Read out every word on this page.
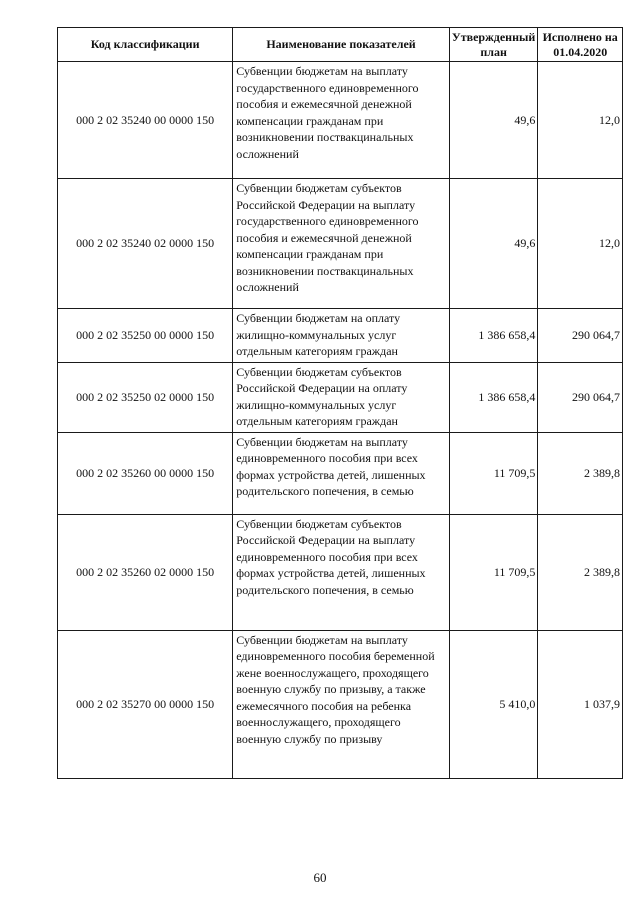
Код классификации	Наименование показателей	Утвержденный план	Исполнено на 01.04.2020
000 2 02 35240 00 0000 150	Субвенции бюджетам на выплату государственного единовременного пособия и ежемесячной денежной компенсации гражданам при возникновении поствакцинальных осложнений	49,6	12,0
000 2 02 35240 02 0000 150	Субвенции бюджетам субъектов Российской Федерации на выплату государственного единовременного пособия и ежемесячной денежной компенсации гражданам при возникновении поствакцинальных осложнений	49,6	12,0
000 2 02 35250 00 0000 150	Субвенции бюджетам на оплату жилищно-коммунальных услуг отдельным категориям граждан	1 386 658,4	290 064,7
000 2 02 35250 02 0000 150	Субвенции бюджетам субъектов Российской Федерации на оплату жилищно-коммунальных услуг отдельным категориям граждан	1 386 658,4	290 064,7
000 2 02 35260 00 0000 150	Субвенции бюджетам на выплату единовременного пособия при всех формах устройства детей, лишенных родительского попечения, в семью	11 709,5	2 389,8
000 2 02 35260 02 0000 150	Субвенции бюджетам субъектов Российской Федерации на выплату единовременного пособия при всех формах устройства детей, лишенных родительского попечения, в семью	11 709,5	2 389,8
000 2 02 35270 00 0000 150	Субвенции бюджетам на выплату единовременного пособия беременной жене военнослужащего, проходящего военную службу по призыву, а также ежемесячного пособия на ребенка военнослужащего, проходящего военную службу по призыву	5 410,0	1 037,9
60
